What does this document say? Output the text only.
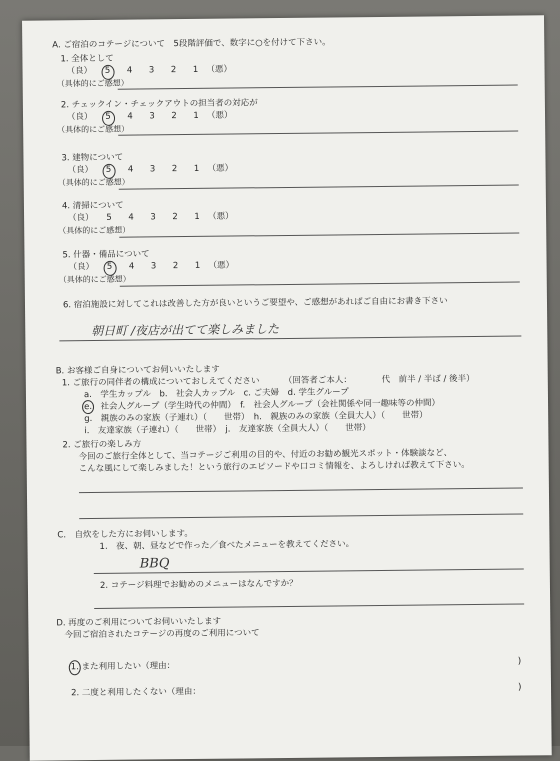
A. ご宿泊のコテージについて　5段階評価で、数字に○を付けて下さい。
1. 全体として
（良） 5 4 3 2 1 （悪）
（具体的にご感想）
2. チェックイン・チェックアウトの担当者の対応が
（良） 5 4 3 2 1 （悪）
（具体的にご感想）
3. 建物について
（良） 5 4 3 2 1 （悪）
（具体的にご感想）
4. 清掃について
（良） 5 4 3 2 1 （悪）
（具体的にご感想）
5. 什器・備品について
（良） 5 4 3 2 1 （悪）
（具体的にご感想）
6. 宿泊施設に対してこれは改善した方が良いというご要望や、ご感想があればご自由にお書き下さい
朝日町 /夜店が出てて楽しみました
B. お客様ご自身についてお伺いいたします
1. ご旅行の同伴者の構成についておしえてください	（回答者ご本人：　　　　代　前半 / 半ば / 後半）
a.　学生カップル　b.　社会人カップル　c. ご夫婦　d. 学生グループ
e.　社会人グループ（学生時代の仲間）　f.　社会人グループ（会社関係や同一趣味等の仲間）
g.　親族のみの家族（子連れ）（　　世帯）　h.　親族のみの家族（全員大人）（　　世帯）
i.　友達家族（子連れ）（　　世帯）　j.　友達家族（全員大人）（　　世帯）
2. ご旅行の楽しみ方
今回のご旅行全体として、当コテージご利用の目的や、付近のお勧め観光スポット・体験談など、
こんな風にして楽しみました！という旅行のエピソードや口コミ情報を、よろしければ教えて下さい。
C.　自炊をした方にお伺いします。
1.　夜、朝、昼などで作った／食べたメニューを教えてください。
BBQ
2. コテージ料理でお勧めのメニューはなんですか？
D. 再度のご利用についてお伺いいたします
今回ご宿泊されたコテージの再度のご利用について
1. また利用したい（理由：	)
2. 二度と利用したくない（理由：	)
